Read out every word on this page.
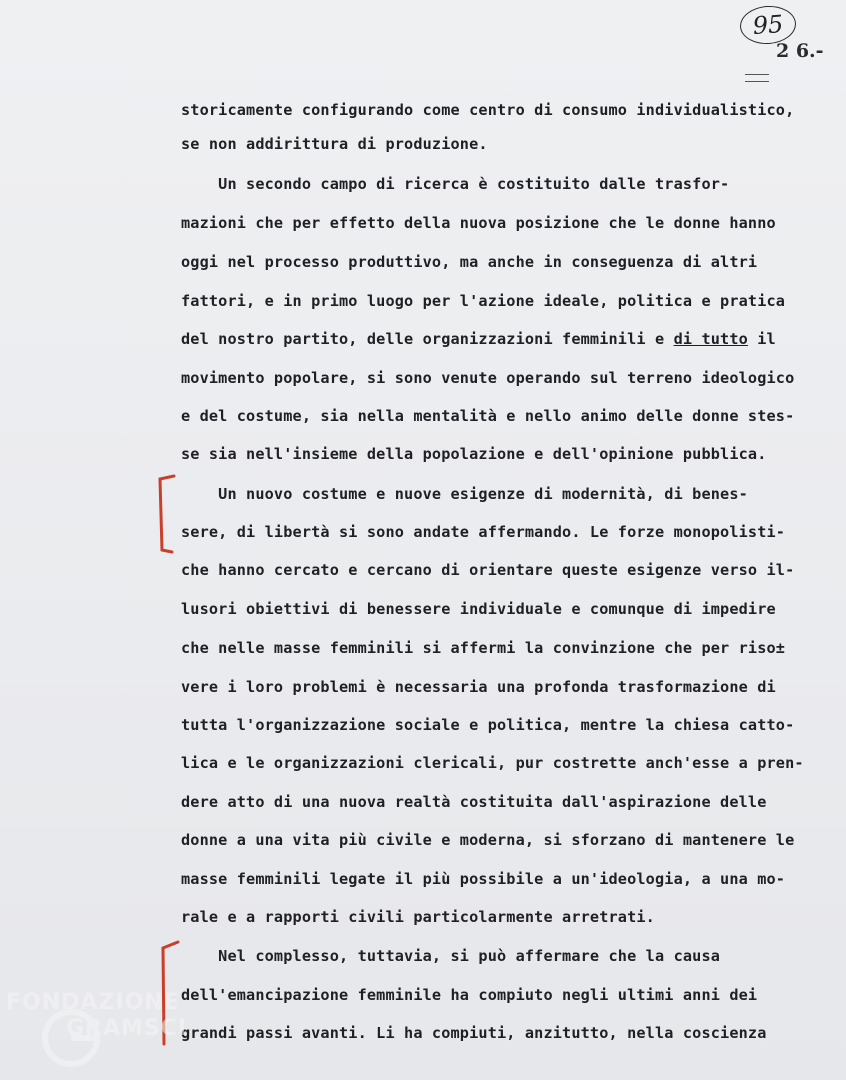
95
2 6.-
storicamente configurando come centro di consumo individualistico,
se non addirittura di produzione.
Un secondo campo di ricerca è costituito dalle trasfor-
mazioni che per effetto della nuova posizione che le donne hanno
oggi nel processo produttivo, ma anche in conseguenza di altri
fattori, e in primo luogo per l'azione ideale, politica e pratica
del nostro partito, delle organizzazioni femminili e di tutto il
movimento popolare, si sono venute operando sul terreno ideologico
e del costume, sia nella mentalità e nello animo delle donne stes-
se sia nell'insieme della popolazione e dell'opinione pubblica.
Un nuovo costume e nuove esigenze di modernità, di benes-
sere, di libertà si sono andate affermando. Le forze monopolisti-
che hanno cercato e cercano di orientare queste esigenze verso il-
lusori obiettivi di benessere individuale e comunque di impedire
che nelle masse femminili si affermi la convinzione che per riso±
vere i loro problemi è necessaria una profonda trasformazione di
tutta l'organizzazione sociale e politica, mentre la chiesa catto-
lica e le organizzazioni clericali, pur costrette anch'esse a pren-
dere atto di una nuova realtà costituita dall'aspirazione delle
donne a una vita più civile e moderna, si sforzano di mantenere le
masse femminili legate il più possibile a un'ideologia, a una mo-
rale e a rapporti civili particolarmente arretrati.
Nel complesso, tuttavia, si può affermare che la causa
dell'emancipazione femminile ha compiuto negli ultimi anni dei
grandi passi avanti. Li ha compiuti, anzitutto, nella coscienza
FONDAZIONE
GRAMSCI
